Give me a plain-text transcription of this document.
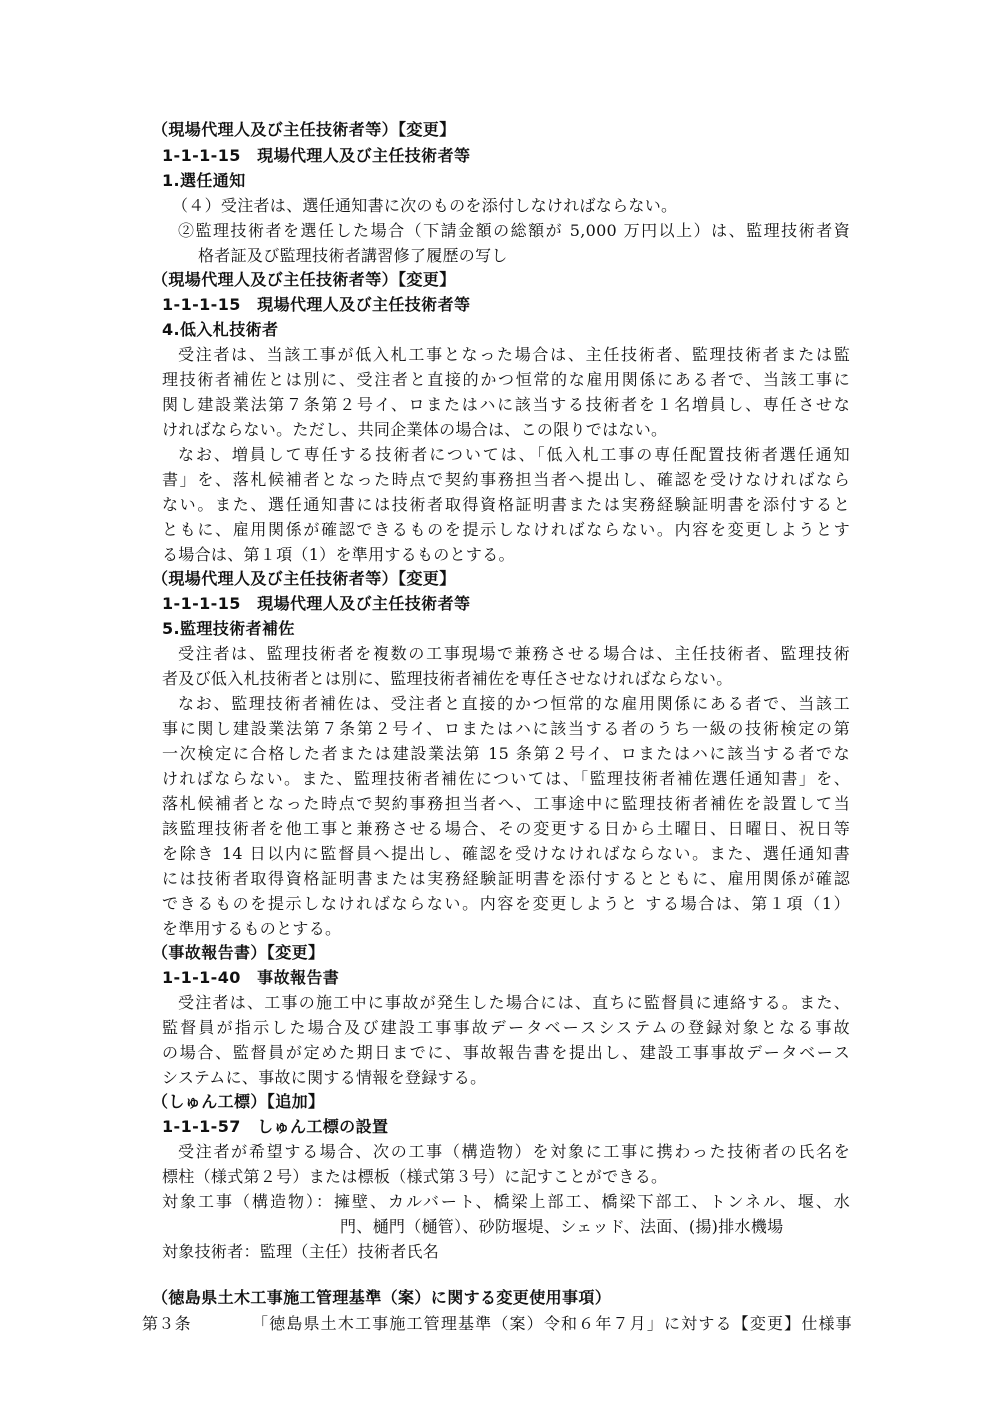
（現場代理人及び主任技術者等）【変更】
1-1-1-15　現場代理人及び主任技術者等
1.選任通知
（４）受注者は、選任通知書に次のものを添付しなければならない。
②監理技術者を選任した場合（下請金額の総額が 5,000 万円以上）は、監理技術者資
格者証及び監理技術者講習修了履歴の写し
（現場代理人及び主任技術者等）【変更】
1-1-1-15　現場代理人及び主任技術者等
4.低入札技術者
受注者は、当該工事が低入札工事となった場合は、主任技術者、監理技術者または監
理技術者補佐とは別に、受注者と直接的かつ恒常的な雇用関係にある者で、当該工事に
関し建設業法第７条第２号イ、ロまたはハに該当する技術者を１名増員し、専任させな
ければならない。ただし、共同企業体の場合は、この限りではない。
なお、増員して専任する技術者については、「低入札工事の専任配置技術者選任通知
書」を、落札候補者となった時点で契約事務担当者へ提出し、確認を受けなければなら
ない。また、選任通知書には技術者取得資格証明書または実務経験証明書を添付すると
ともに、雇用関係が確認できるものを提示しなければならない。内容を変更しようとす
る場合は、第１項（1）を準用するものとする。
（現場代理人及び主任技術者等）【変更】
1-1-1-15　現場代理人及び主任技術者等
5.監理技術者補佐
受注者は、監理技術者を複数の工事現場で兼務させる場合は、主任技術者、監理技術
者及び低入札技術者とは別に、監理技術者補佐を専任させなければならない。
なお、監理技術者補佐は、受注者と直接的かつ恒常的な雇用関係にある者で、当該工
事に関し建設業法第７条第２号イ、ロまたはハに該当する者のうち一級の技術検定の第
一次検定に合格した者または建設業法第 15 条第２号イ、ロまたはハに該当する者でな
ければならない。また、監理技術者補佐については、「監理技術者補佐選任通知書」を、
落札候補者となった時点で契約事務担当者へ、工事途中に監理技術者補佐を設置して当
該監理技術者を他工事と兼務させる場合、その変更する日から土曜日、日曜日、祝日等
を除き 14 日以内に監督員へ提出し、確認を受けなければならない。また、選任通知書
には技術者取得資格証明書または実務経験証明書を添付するとともに、雇用関係が確認
できるものを提示しなければならない。内容を変更しようと する場合は、第１項（1）
を準用するものとする。
（事故報告書）【変更】
1-1-1-40　事故報告書
受注者は、工事の施工中に事故が発生した場合には、直ちに監督員に連絡する。また、
監督員が指示した場合及び建設工事事故データベースシステムの登録対象となる事故
の場合、監督員が定めた期日までに、事故報告書を提出し、建設工事事故データベース
システムに、事故に関する情報を登録する。
（しゅん工標）【追加】
1-1-1-57　しゅん工標の設置
受注者が希望する場合、次の工事（構造物）を対象に工事に携わった技術者の氏名を
標柱（様式第２号）または標板（様式第３号）に記すことができる。
対象工事（構造物）：擁壁、カルバート、橋梁上部工、橋梁下部工、トンネル、堰、水
門、樋門（樋管）、砂防堰堤、シェッド、法面、(揚)排水機場
対象技術者：監理（主任）技術者氏名
（徳島県土木工事施工管理基準（案）に関する変更使用事項）
第３条	「徳島県土木工事施工管理基準（案）令和６年７月」に対する【変更】仕様事
